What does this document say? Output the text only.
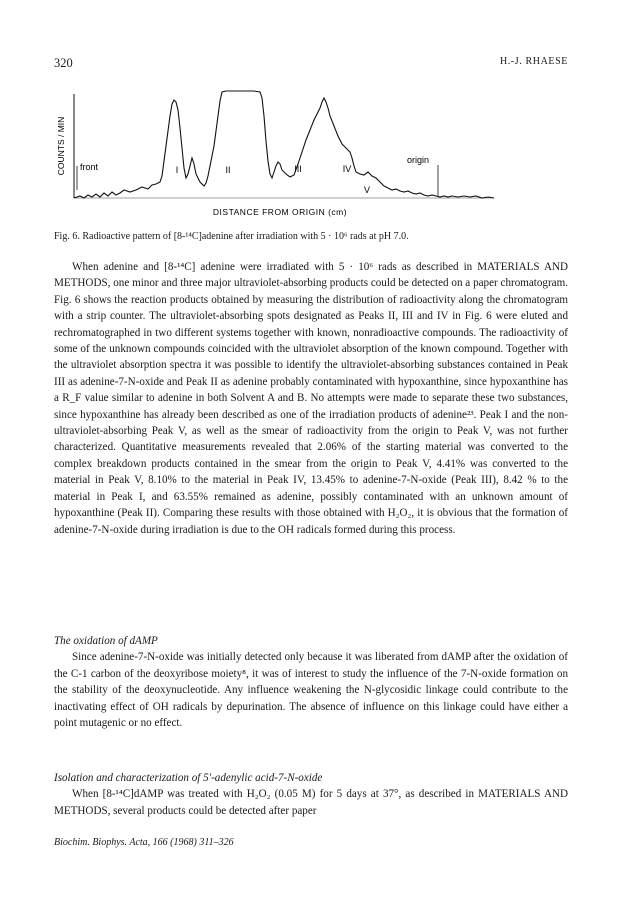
320	H.-J. RHAESE
COUNTS / MIN front
origin
I	II	III	IV
V
DISTANCE FROM ORIGIN (cm)
Fig. 6. Radioactive pattern of [8-¹⁴C]adenine after irradiation with 5 · 10⁶ rads at pH 7.0.

When adenine and [8-¹⁴C] adenine were irradiated with 5 · 10⁶ rads as described in MATERIALS AND METHODS, one minor and three major ultraviolet-absorbing products could be detected on a paper chromatogram. Fig. 6 shows the reaction products obtained by measuring the distribution of radioactivity along the chromatogram with a strip counter. The ultraviolet-absorbing spots designated as Peaks II, III and IV in Fig. 6 were eluted and rechromatographed in two different systems together with known, nonradioactive compounds. The radioactivity of some of the unknown compounds coincided with the ultraviolet absorption of the known compound. Together with the ultraviolet absorption spectra it was possible to identify the ultraviolet-absorbing substances contained in Peak III as adenine-7-N-oxide and Peak II as adenine probably contaminated with hypoxanthine, since hypoxanthine has a R_F value similar to adenine in both Solvent A and B. No attempts were made to separate these two substances, since hypoxanthine has already been described as one of the irradiation products of adenine²³. Peak I and the non-ultraviolet-absorbing Peak V, as well as the smear of radioactivity from the origin to Peak V, was not further characterized. Quantitative measurements revealed that 2.06% of the starting material was converted to the complex breakdown products contained in the smear from the origin to Peak V, 4.41% was converted to the material in Peak V, 8.10% to the material in Peak IV, 13.45% to adenine-7-N-oxide (Peak III), 8.42 % to the material in Peak I, and 63.55% remained as adenine, possibly contaminated with an unknown amount of hypoxanthine (Peak II). Comparing these results with those obtained with H₂O₂, it is obvious that the formation of adenine-7-N-oxide during irradiation is due to the OH radicals formed during this process.

The oxidation of dAMP

Since adenine-7-N-oxide was initially detected only because it was liberated from dAMP after the oxidation of the C-1 carbon of the deoxyribose moiety⁸, it was of interest to study the influence of the 7-N-oxide formation on the stability of the deoxynucleotide. Any influence weakening the N-glycosidic linkage could contribute to the inactivating effect of OH radicals by depurination. The absence of influence on this linkage could have either a point mutagenic or no effect.

Isolation and characterization of 5′-adenylic acid-7-N-oxide

When [8-¹⁴C]dAMP was treated with H₂O₂ (0.05 M) for 5 days at 37°, as described in MATERIALS AND METHODS, several products could be detected after paper

Biochim. Biophys. Acta, 166 (1968) 311–326
